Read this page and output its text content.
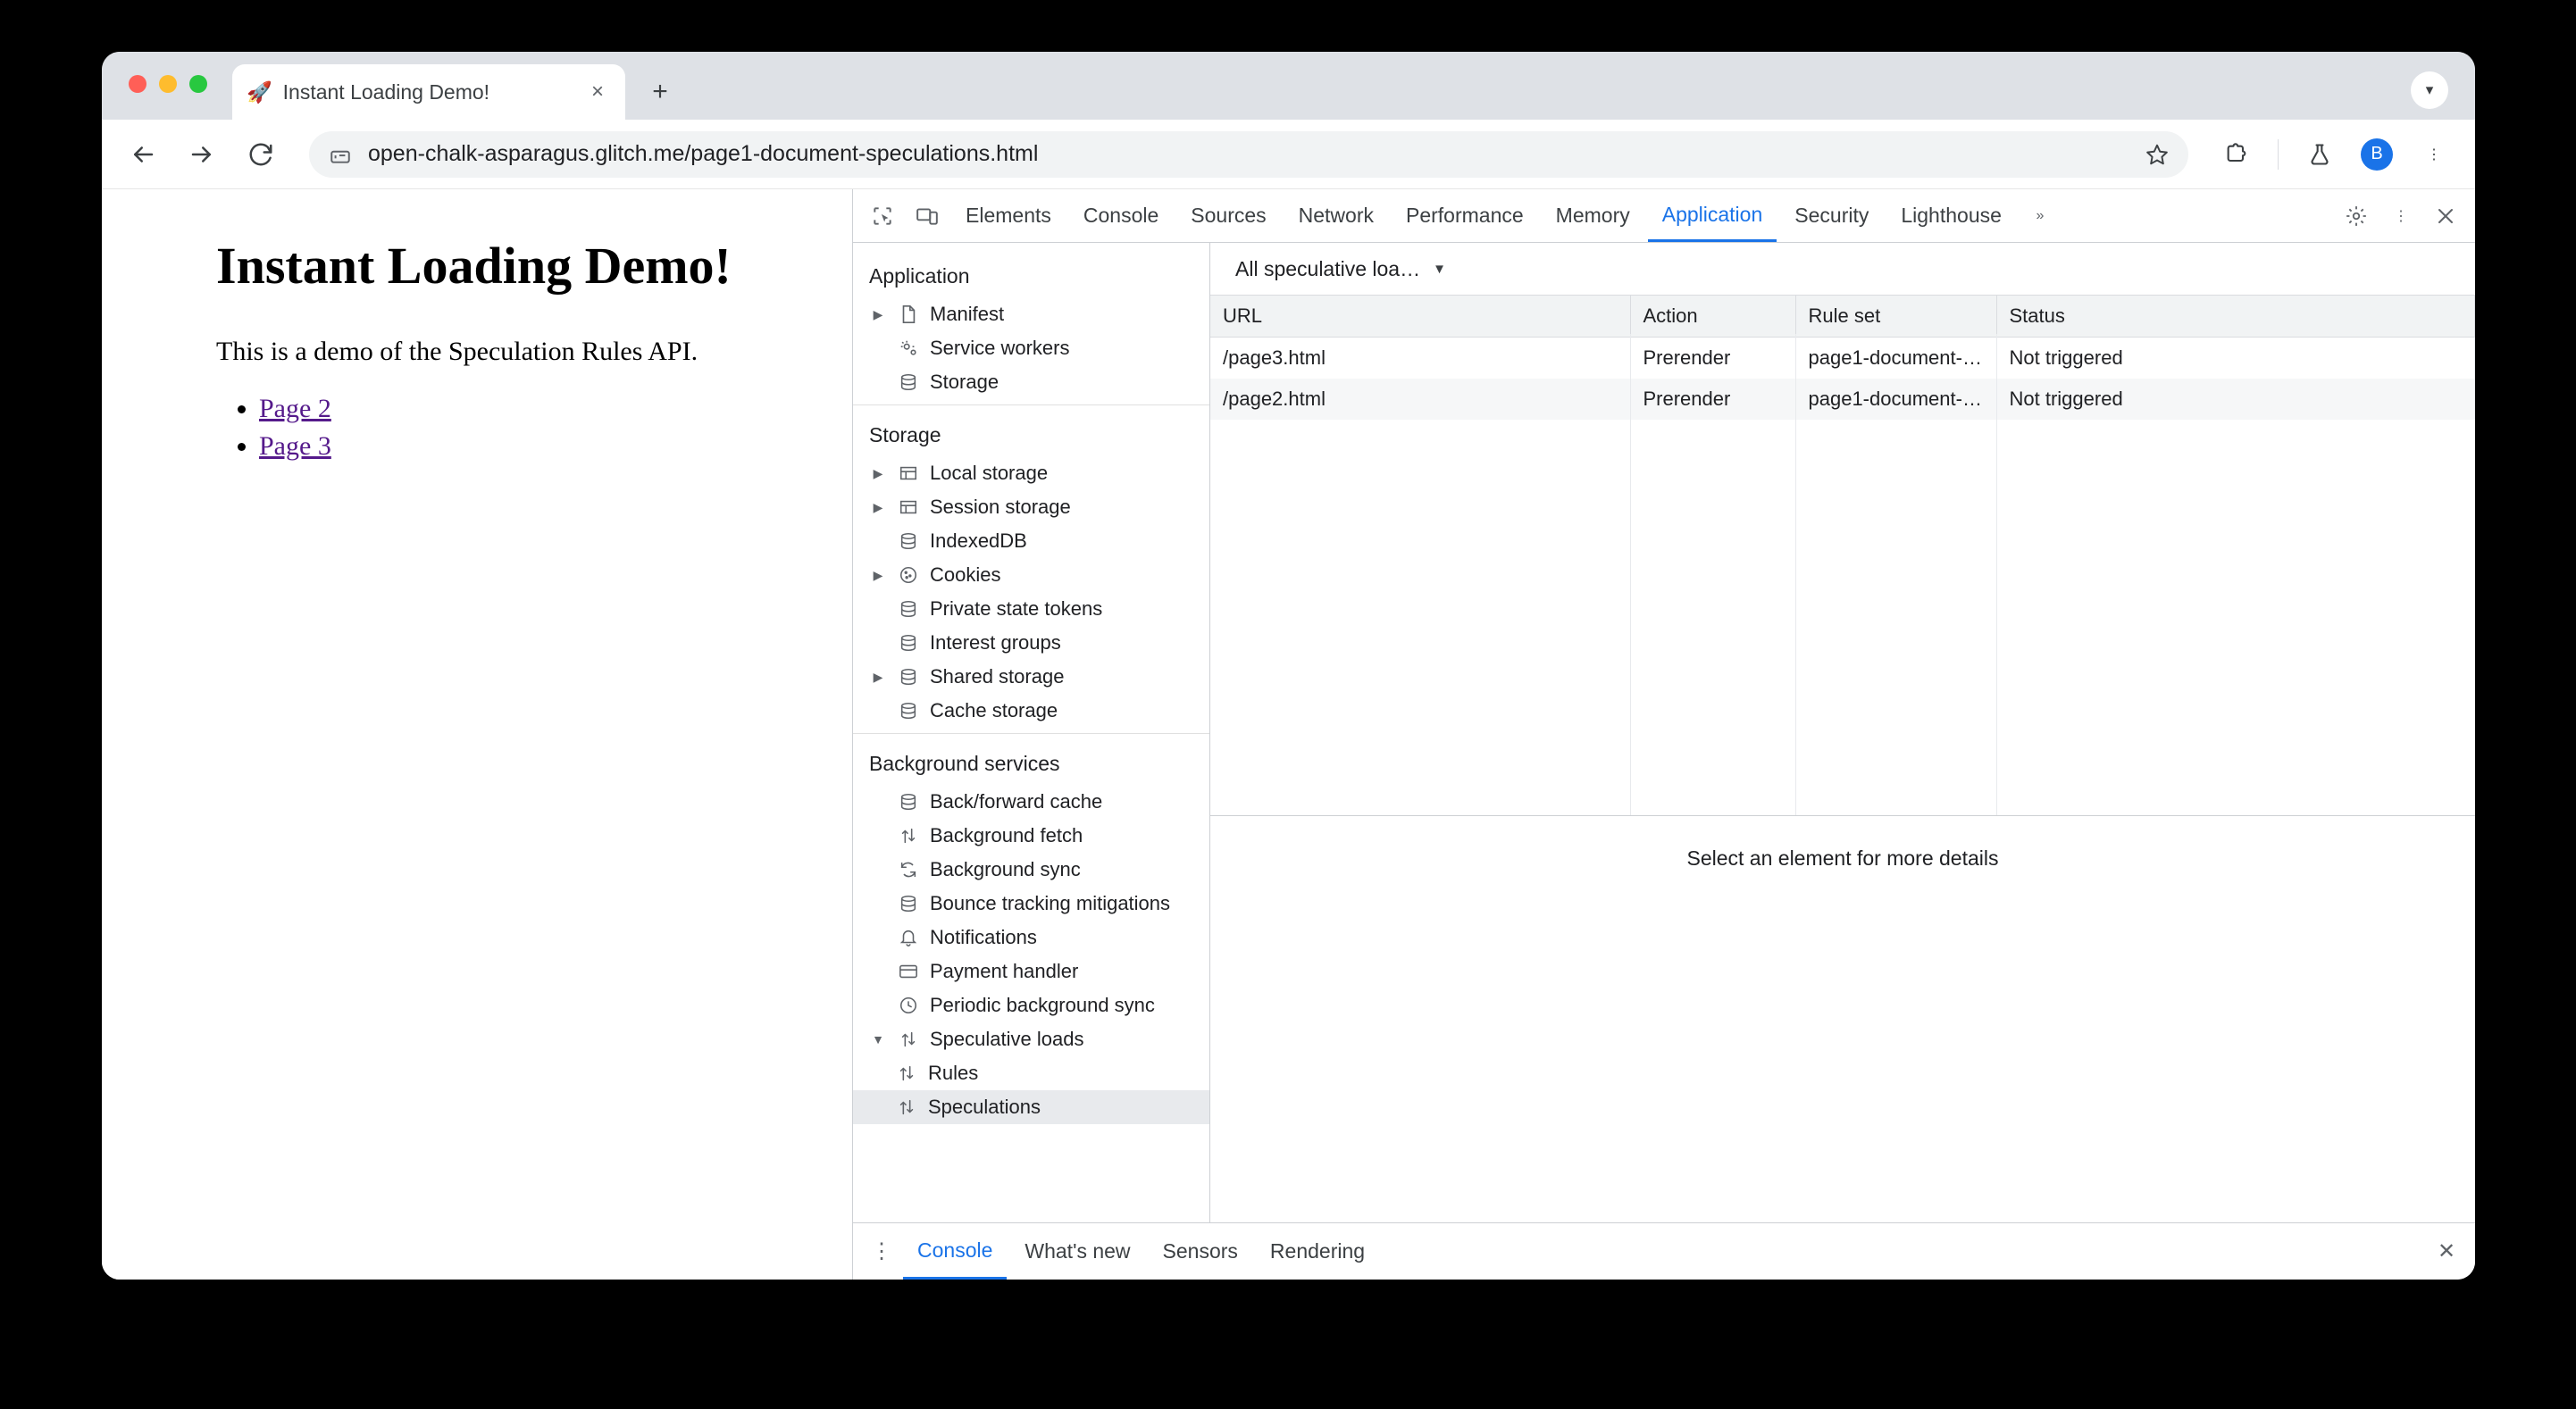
🚀 Instant Loading Demo!	× +	▾
open-chalk-asparagus.glitch.me/page1-document-speculations.html	B	⋮
Instant Loading Demo!

This is a demo of the Speculation Rules API.

• Page 2
• Page 3
Elements	Console	Sources	Network	Performance	Memory	Application	Security	Lighthouse	»	⋮
Application
▶ Manifest
Service workers
Storage
Storage
▶ Local storage
▶ Session storage
IndexedDB
▶ Cookies
Private state tokens
Interest groups
▶ Shared storage
Cache storage
Background services
Back/forward cache
Background fetch
Background sync
Bounce tracking mitigations
Notifications
Payment handler
Periodic background sync
▼ Speculative loads
Rules
Speculations
All speculative loa… ▼
URL	Action	Rule set	Status
/page3.html	Prerender	page1-document-…	Not triggered
/page2.html	Prerender	page1-document-…	Not triggered
Select an element for more details
⋮	Console	What's new	Sensors	Rendering	✕
